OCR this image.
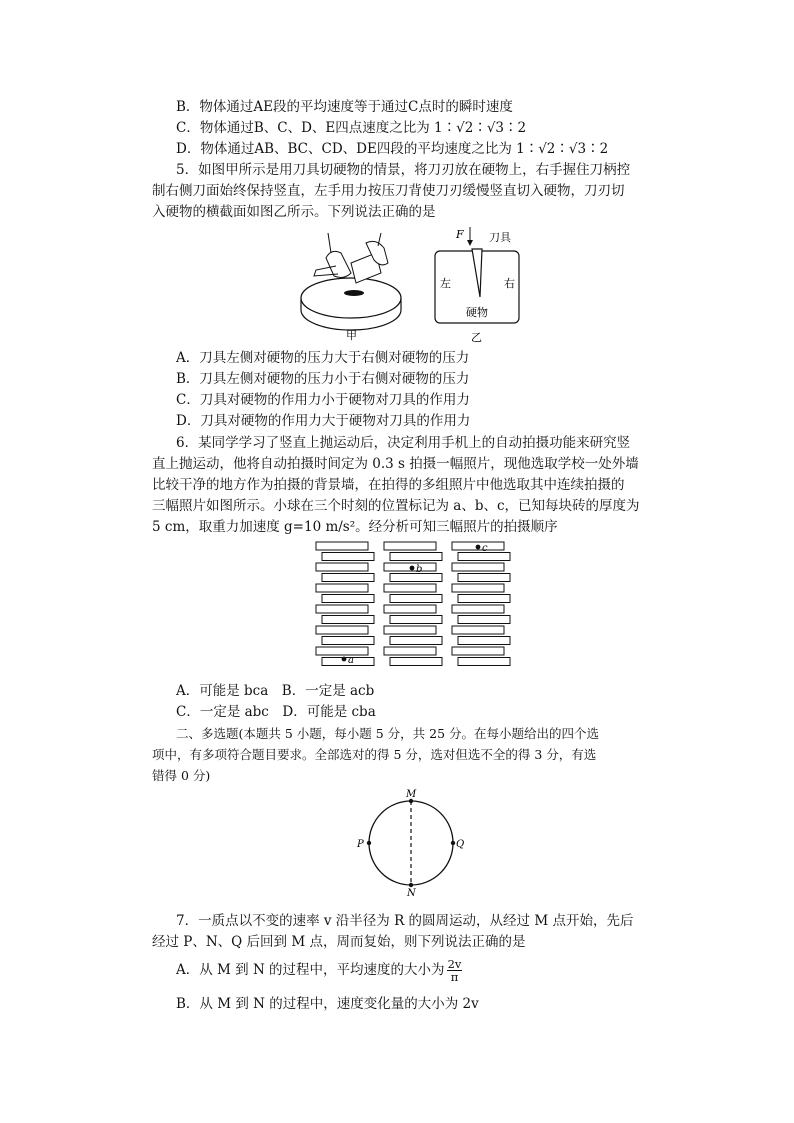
B．物体通过AE段的平均速度等于通过C点时的瞬时速度
C．物体通过B、C、D、E四点速度之比为 1∶√2∶√3∶2
D．物体通过AB、BC、CD、DE四段的平均速度之比为 1∶√2∶√3∶2
5．如图甲所示是用刀具切硬物的情景，将刀刃放在硬物上，右手握住刀柄控
制右侧刀面始终保持竖直，左手用力按压刀背使刀刃缓慢竖直切入硬物，刀刃切
入硬物的横截面如图乙所示。下列说法正确的是
甲
F 刀具
左	右
硬物
乙
A．刀具左侧对硬物的压力大于右侧对硬物的压力
B．刀具左侧对硬物的压力小于右侧对硬物的压力
C．刀具对硬物的作用力小于硬物对刀具的作用力
D．刀具对硬物的作用力大于硬物对刀具的作用力
6．某同学学习了竖直上抛运动后，决定利用手机上的自动拍摄功能来研究竖
直上抛运动，他将自动拍摄时间定为 0.3 s 拍摄一幅照片，现他选取学校一处外墙
比较干净的地方作为拍摄的背景墙，在拍得的多组照片中他选取其中连续拍摄的
三幅照片如图所示。小球在三个时刻的位置标记为 a、b、c，已知每块砖的厚度为
5 cm，取重力加速度 g=10 m/s²。经分析可知三幅照片的拍摄顺序
a
b
c
A．可能是 bca　B．一定是 acb
C．一定是 abc　D．可能是 cba
二、多选题(本题共 5 小题，每小题 5 分，共 25 分。在每小题给出的四个选
项中，有多项符合题目要求。全部选对的得 5 分，选对但选不全的得 3 分，有选
错得 0 分)
M
N
P	Q
7．一质点以不变的速率 v 沿半径为 R 的圆周运动，从经过 M 点开始，先后
经过 P、N、Q 后回到 M 点，周而复始，则下列说法正确的是
A．从 M 到 N 的过程中，平均速度的大小为 $\frac{2v}{\pi}$
B．从 M 到 N 的过程中，速度变化量的大小为 2v
